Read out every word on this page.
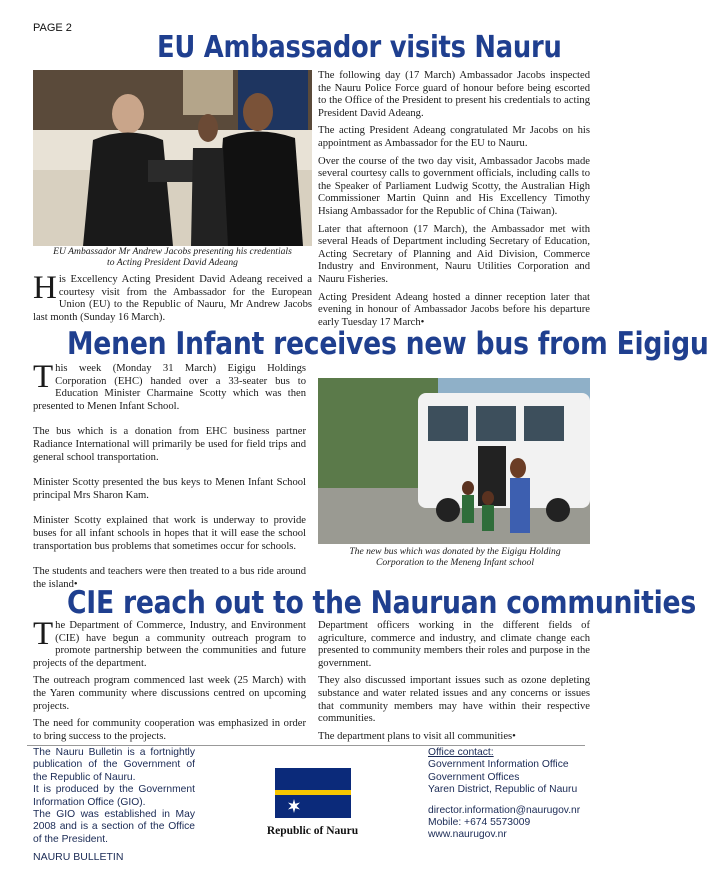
PAGE 2
EU Ambassador visits Nauru
EU Ambassador Mr Andrew Jacobs presenting his credentials to Acting President David Adeang

His Excellency Acting President David Adeang received a courtesy visit from the Ambassador for the European Union (EU) to the Republic of Nauru, Mr Andrew Jacobs last month (Sunday 16 March).

The following day (17 March) Ambassador Jacobs inspected the Nauru Police Force guard of honour before being escorted to the Office of the President to present his credentials to acting President David Adeang.

The acting President Adeang congratulated Mr Jacobs on his appointment as Ambassador for the EU to Nauru.

Over the course of the two day visit, Ambassador Jacobs made several courtesy calls to government officials, including calls to the Speaker of Parliament Ludwig Scotty, the Australian High Commissioner Martin Quinn and His Excellency Timothy Hsiang Ambassador for the Republic of China (Taiwan).

Later that afternoon (17 March), the Ambassador met with several Heads of Department including Secretary of Education, Acting Secretary of Planning and Aid Division, Commerce Industry and Environment, Nauru Utilities Corporation and Nauru Fisheries.

Acting President Adeang hosted a dinner reception later that evening in honour of Ambassador Jacobs before his departure early Tuesday 17 March•

Menen Infant receives new bus from Eigigu

This week (Monday 31 March) Eigigu Holdings Corporation (EHC) handed over a 33-seater bus to Education Minister Charmaine Scotty which was then presented to Menen Infant School.

The bus which is a donation from EHC business partner Radiance International will primarily be used for field trips and general school transportation.

Minister Scotty presented the bus keys to Menen Infant School principal Mrs Sharon Kam.

Minister Scotty explained that work is underway to provide buses for all infant schools in hopes that it will ease the school transportation bus problems that sometimes occur for schools.

The students and teachers were then treated to a bus ride around the island•

The new bus which was donated by the Eigigu Holding Corporation to the Meneng Infant school
CIE reach out to the Nauruan communities

The Department of Commerce, Industry, and Environment (CIE) have begun a community outreach program to promote partnership between the communities and future projects of the department.

The outreach program commenced last week (25 March) with the Yaren community where discussions centred on upcoming projects.

The need for community cooperation was emphasized in order to bring success to the projects.

Department officers working in the different fields of agriculture, commerce and industry, and climate change each presented to community members their roles and purpose in the government.

They also discussed important issues such as ozone depleting substance and water related issues and any concerns or issues that community members may have within their respective communities.

The department plans to visit all communities•

The Nauru Bulletin is a fortnightly publication of the Government of the Republic of Nauru.
It is produced by the Government Information Office (GIO).
The GIO was established in May 2008 and is a section of the Office of the President.
Republic of Nauru
Office contact:
Government Information Office
Government Offices
Yaren District, Republic of Nauru
director.information@naurugov.nr
Mobile: +674 5573009
www.naurugov.nr
NAURU BULLETIN
